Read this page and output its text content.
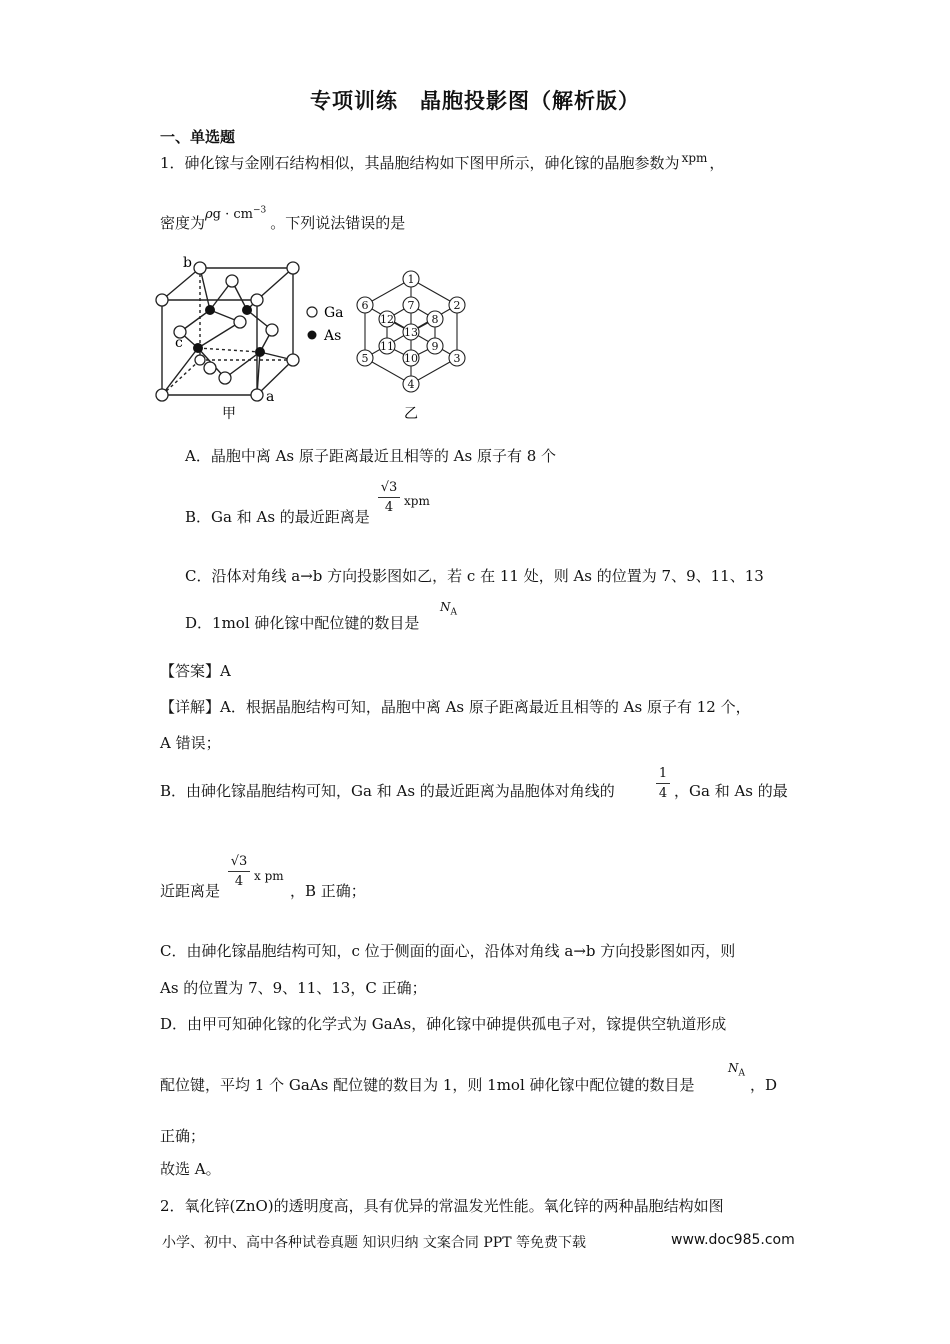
专项训练　晶胞投影图（解析版）
一、单选题
1．砷化镓与金刚石结构相似，其晶胞结构如下图甲所示，砷化镓的晶胞参数为 $^{xpm}$ ，
密度为$\rho g \cdot cm^{-3}$。下列说法错误的是
b
c
a
Ga
As
甲	乙
1
2
3
4
5
6	7
8
9
10
11
12
13
A．晶胞中离 As 原子距离最近且相等的 As 原子有 8 个
B．Ga 和 As 的最近距离是
√3
4 xpm
C．沿体对角线 a→b 方向投影图如乙，若 c 在 11 处，则 As 的位置为 7、9、11、13
D．1mol 砷化镓中配位键的数目是
$N_A$
【答案】A
【详解】A．根据晶胞结构可知，晶胞中离 As 原子距离最近且相等的 As 原子有 12 个，
A 错误；
B．由砷化镓晶胞结构可知，Ga 和 As 的最近距离为晶胞体对角线的
1
4 ，Ga 和 As 的最
近距离是
√3
4 x pm
，B 正确；
C．由砷化镓晶胞结构可知，c 位于侧面的面心，沿体对角线 a→b 方向投影图如丙，则
As 的位置为 7、9、11、13，C 正确；
D．由甲可知砷化镓的化学式为 GaAs，砷化镓中砷提供孤电子对，镓提供空轨道形成
配位键，平均 1 个 GaAs 配位键的数目为 1，则 1mol 砷化镓中配位键的数目是
$N_A$
，D
正确；
故选 A。
2．氧化锌(ZnO)的透明度高，具有优异的常温发光性能。氧化锌的两种晶胞结构如图
小学、初中、高中各种试卷真题 知识归纳 文案合同 PPT 等免费下载	www.doc985.com
